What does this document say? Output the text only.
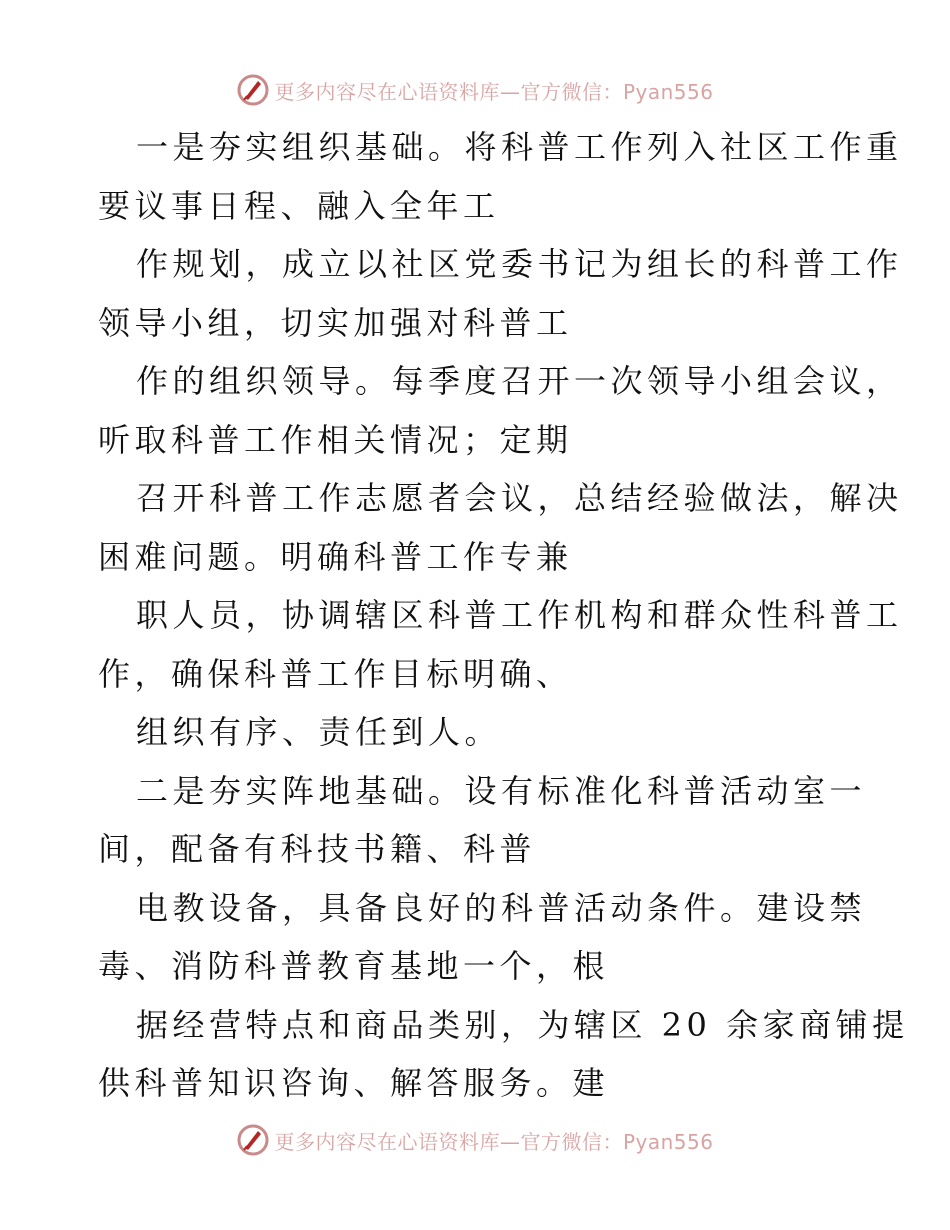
更多内容尽在心语资料库—官方微信：Pyan556
一是夯实组织基础。将科普工作列入社区工作重
要议事日程、融入全年工
作规划，成立以社区党委书记为组长的科普工作
领导小组，切实加强对科普工
作的组织领导。每季度召开一次领导小组会议，
听取科普工作相关情况；定期
召开科普工作志愿者会议，总结经验做法，解决
困难问题。明确科普工作专兼
职人员，协调辖区科普工作机构和群众性科普工
作，确保科普工作目标明确、
组织有序、责任到人。
二是夯实阵地基础。设有标准化科普活动室一
间，配备有科技书籍、科普
电教设备，具备良好的科普活动条件。建设禁
毒、消防科普教育基地一个，根
据经营特点和商品类别，为辖区 20 余家商铺提
供科普知识咨询、解答服务。建
更多内容尽在心语资料库—官方微信：Pyan556
